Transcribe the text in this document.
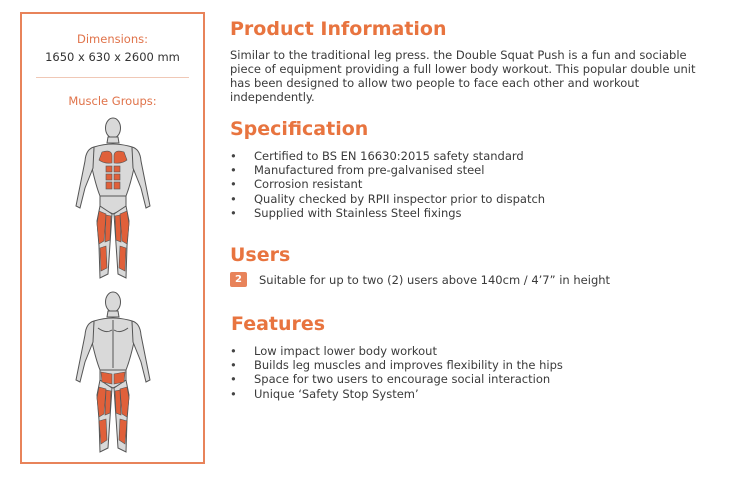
Dimensions:
1650 x 630 x 2600 mm
Muscle Groups:
Product Information

Similar to the traditional leg press. the Double Squat Push is a fun and sociable piece of equipment providing a full lower body workout. This popular double unit has been designed to allow two people to face each other and workout independently.

Specification
• Certified to BS EN 16630:2015 safety standard
• Manufactured from pre-galvanised steel
• Corrosion resistant
• Quality checked by RPII inspector prior to dispatch
• Supplied with Stainless Steel fixings
Users
2	Suitable for up to two (2) users above 140cm / 4’7” in height
Features
• Low impact lower body workout
• Builds leg muscles and improves flexibility in the hips
• Space for two users to encourage social interaction
• Unique ‘Safety Stop System’
